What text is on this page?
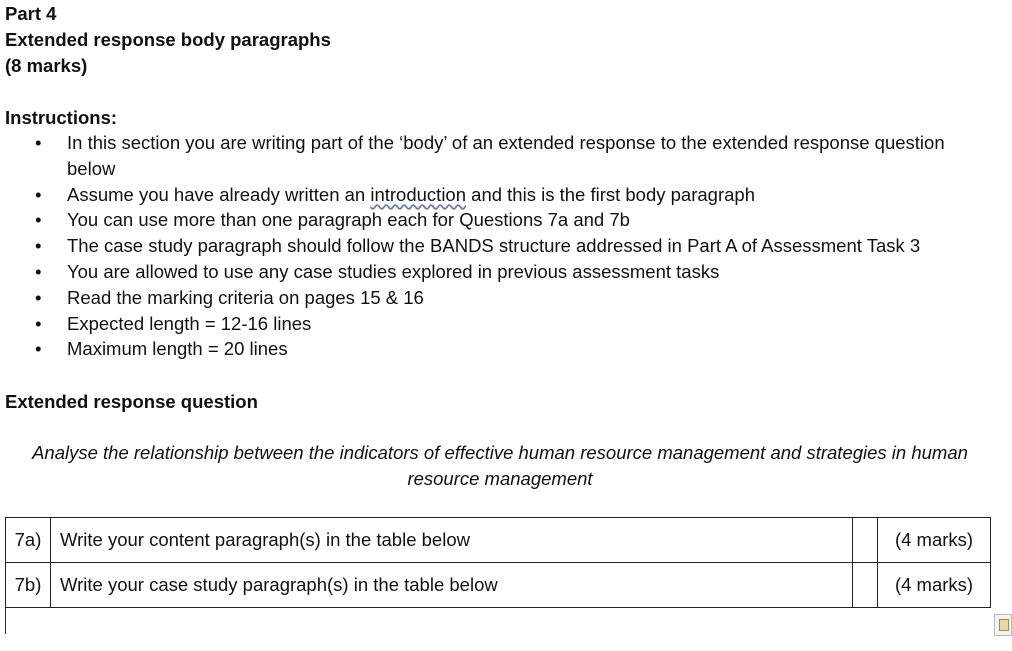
Part 4
Extended response body paragraphs
(8 marks)
Instructions:
• In this section you are writing part of the ‘body’ of an extended response to the extended response question below
• Assume you have already written an introduction and this is the first body paragraph
• You can use more than one paragraph each for Questions 7a and 7b
• The case study paragraph should follow the BANDS structure addressed in Part A of Assessment Task 3
• You are allowed to use any case studies explored in previous assessment tasks
• Read the marking criteria on pages 15 & 16
• Expected length = 12-16 lines
• Maximum length = 20 lines
Extended response question
Analyse the relationship between the indicators of effective human resource management and strategies in human resource management
7a)	Write your content paragraph(s) in the table below		(4 marks)
7b)	Write your case study paragraph(s) in the table below		(4 marks)
